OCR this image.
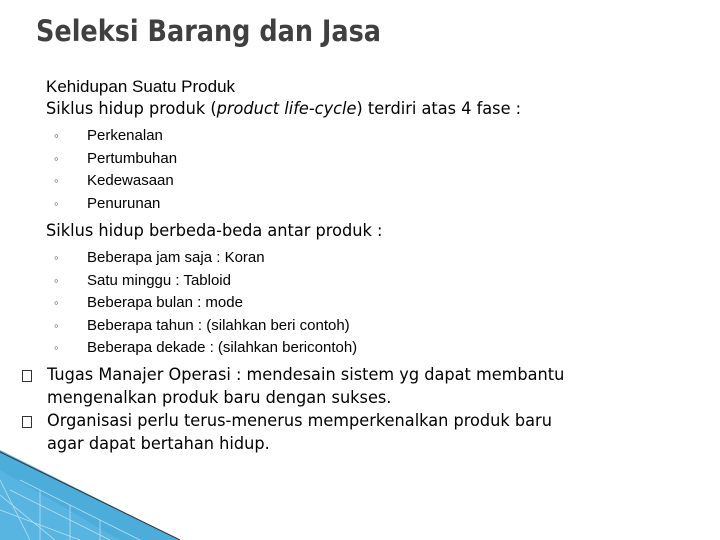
Seleksi Barang dan Jasa

Kehidupan Suatu Produk

Siklus hidup produk (product life-cycle) terdiri atas 4 fase :

◦ Perkenalan
◦ Pertumbuhan
◦ Kedewasaan
◦ Penurunan

Siklus hidup berbeda-beda antar produk :

◦ Beberapa jam saja : Koran
◦ Satu minggu : Tabloid
◦ Beberapa bulan : mode
◦ Beberapa tahun : (silahkan beri contoh)
◦ Beberapa dekade : (silahkan bericontoh)
Tugas Manajer Operasi : mendesain sistem yg dapat membantu
mengenalkan produk baru dengan sukses.
Organisasi perlu terus-menerus memperkenalkan produk baru
agar dapat bertahan hidup.
